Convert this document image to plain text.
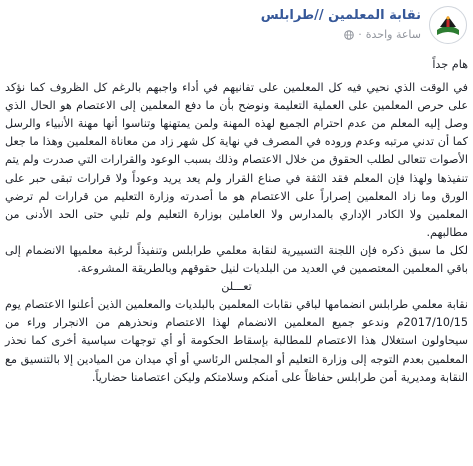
نقابة المعلمين //طرابلس
ساعة واحدة
·

هام جداً

في الوقت الذي نحيي فيه كل المعلمين على تفانيهم في أداء واجبهم بالرغم كل الظروف كما نؤكد على حرص المعلمين على العملية التعليمة ونوضح بأن ما دفع المعلمين إلى الاعتصام هو الحال الذي وصل إليه المعلم من عدم احترام الجميع لهذه المهنة ولمن يمتهنها وتناسوا أنها مهنة الأنبياء والرسل كما أن تدني مرتبه وعدم وروده في المصرف في نهاية كل شهر زاد من معاناة المعلمين وهذا ما جعل الأصوات تتعالى لطلب الحقوق من خلال الاعتصام وذلك بسبب الوعود والقرارات التي صدرت ولم يتم تنفيذها ولهذا فإن المعلم فقد الثقة في صناع القرار ولم يعد يريد وعوداً ولا قرارات تبقى حبر على الورق وما زاد المعلمين إصراراً على الاعتصام هو ما أصدرته وزارة التعليم من قرارات لم ترضي المعلمين ولا الكادر الإداري بالمدارس ولا العاملين بوزارة التعليم ولم تلبي حتى الحد الأدنى من مطالبهم.

لكل ما سبق ذكره فإن اللجنة التسييرية لنقابة معلمي طرابلس وتنفيذاً لرغبة معلميها الانضمام إلى باقي المعلمين المعتصمين في العديد من البلديات لنيل حقوقهم وبالطريقة المشروعة.

تعـــلن

نقابة معلمي طرابلس انضمامها لباقي نقابات المعلمين بالبلديات والمعلمين الذين أعلنوا الاعتصام يوم 2017/10/15م وندعو جميع المعلمين الانضمام لهذا الاعتصام ونحذرهم من الانجرار وراء من سيحاولون استغلال هذا الاعتصام للمطالبة بإسقاط الحكومة أو أي توجهات سياسية أخرى كما نحذر المعلمين بعدم التوجه إلى وزارة التعليم أو المجلس الرئاسي أو أي ميدان من الميادين إلا بالتنسيق مع النقابة ومديرية أمن طرابلس حفاظاً على أمنكم وسلامتكم وليكن اعتصامنا حضارياً.
